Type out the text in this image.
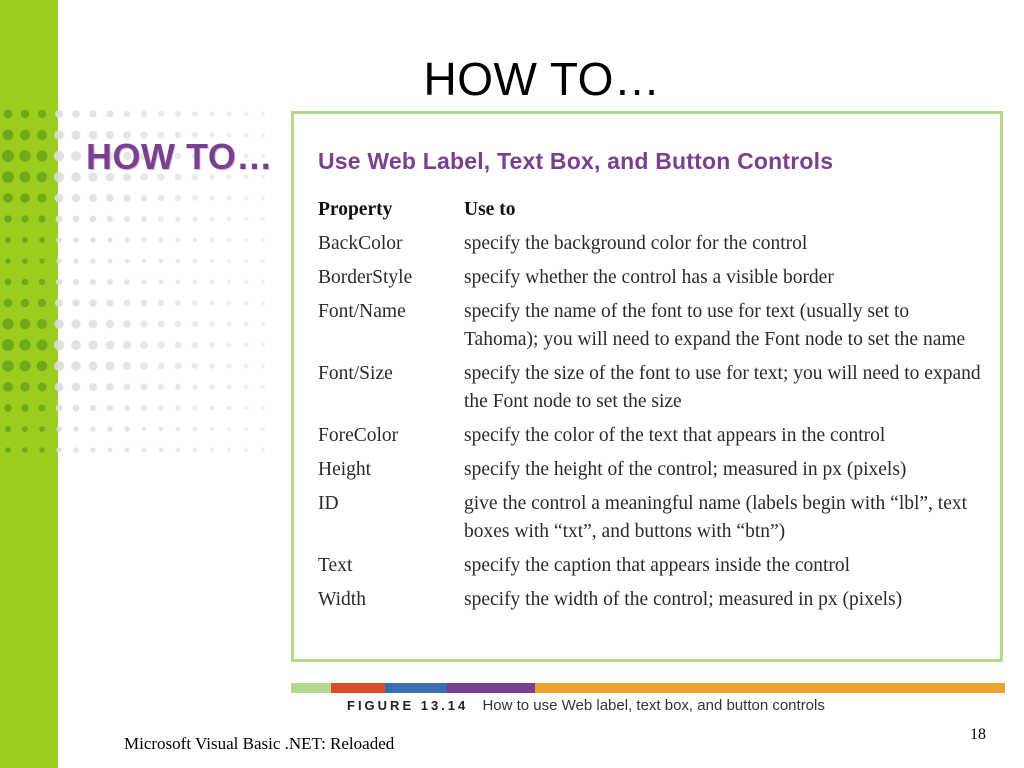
HOW TO…
HOW TO… Use Web Label, Text Box, and Button Controls
Property	Use to
BackColor	specify the background color for the control
BorderStyle	specify whether the control has a visible border
Font/Name	specify the name of the font to use for text (usually set to Tahoma); you will need to expand the Font node to set the name
Font/Size	specify the size of the font to use for text; you will need to expand the Font node to set the size
ForeColor	specify the color of the text that appears in the control
Height	specify the height of the control; measured in px (pixels)
ID	give the control a meaningful name (labels begin with “lbl”, text boxes with “txt”, and buttons with “btn”)
Text	specify the caption that appears inside the control
Width	specify the width of the control; measured in px (pixels)
FIGURE 13.14 How to use Web label, text box, and button controls
Microsoft Visual Basic .NET: Reloaded	18
